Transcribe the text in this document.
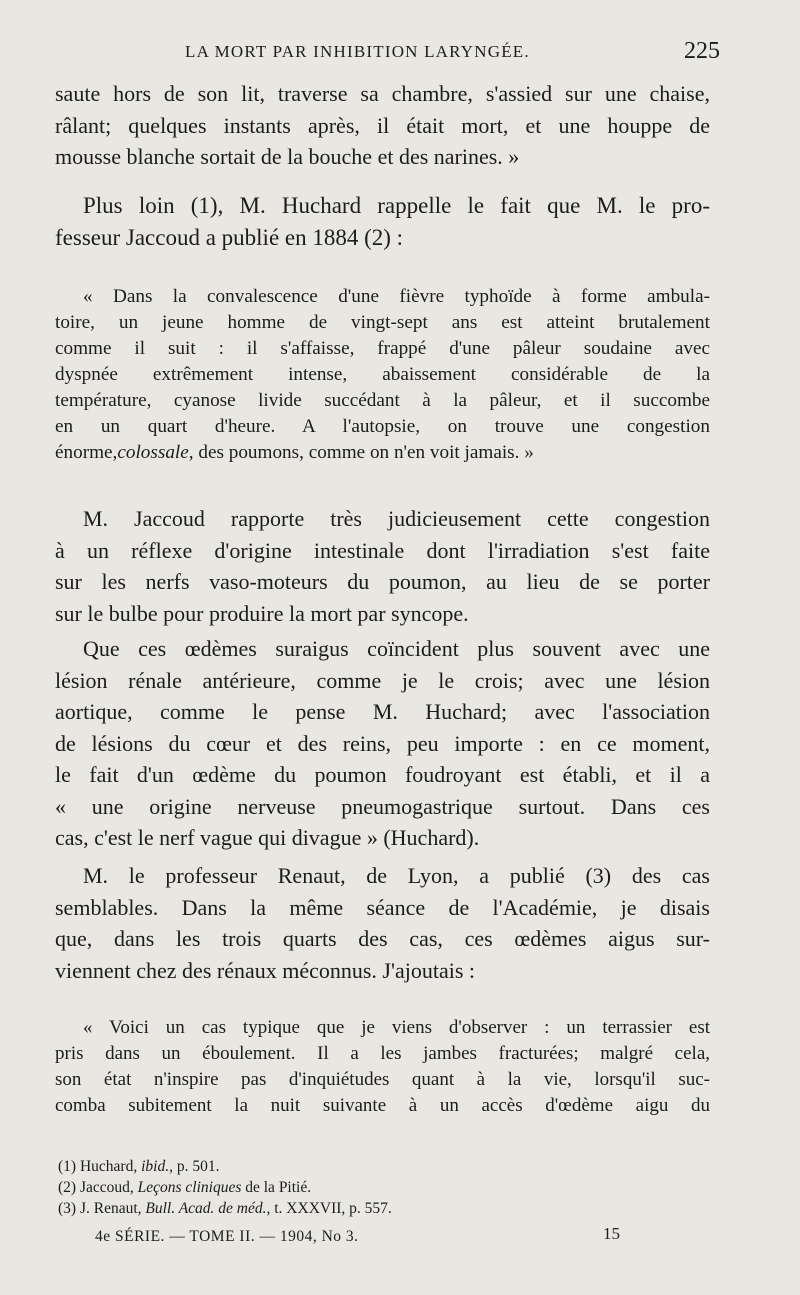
LA MORT PAR INHIBITION LARYNGÉE.	225

saute hors de son lit, traverse sa chambre, s'assied sur une chaise,

râlant; quelques instants après, il était mort, et une houppe de

mousse blanche sortait de la bouche et des narines. »

Plus loin (1), M. Huchard rappelle le fait que M. le pro-

fesseur Jaccoud a publié en 1884 (2) :

« Dans la convalescence d'une fièvre typhoïde à forme ambula-

toire, un jeune homme de vingt-sept ans est atteint brutalement

comme il suit : il s'affaisse, frappé d'une pâleur soudaine avec

dyspnée extrêmement intense, abaissement considérable de la

température, cyanose livide succédant à la pâleur, et il succombe

en un quart d'heure. A l'autopsie, on trouve une congestion

énorme,colossale, des poumons, comme on n'en voit jamais. »

M. Jaccoud rapporte très judicieusement cette congestion

à un réflexe d'origine intestinale dont l'irradiation s'est faite

sur les nerfs vaso-moteurs du poumon, au lieu de se porter

sur le bulbe pour produire la mort par syncope.

Que ces œdèmes suraigus coïncident plus souvent avec une

lésion rénale antérieure, comme je le crois; avec une lésion

aortique, comme le pense M. Huchard; avec l'association

de lésions du cœur et des reins, peu importe : en ce moment,

le fait d'un œdème du poumon foudroyant est établi, et il a

« une origine nerveuse pneumogastrique surtout. Dans ces

cas, c'est le nerf vague qui divague » (Huchard).

M. le professeur Renaut, de Lyon, a publié (3) des cas

semblables. Dans la même séance de l'Académie, je disais

que, dans les trois quarts des cas, ces œdèmes aigus sur-

viennent chez des rénaux méconnus. J'ajoutais :

« Voici un cas typique que je viens d'observer : un terrassier est

pris dans un éboulement. Il a les jambes fracturées; malgré cela,

son état n'inspire pas d'inquiétudes quant à la vie, lorsqu'il suc-

comba subitement la nuit suivante à un accès d'œdème aigu du

(1) Huchard, ibid., p. 501.

(2) Jaccoud, Leçons cliniques de la Pitié.

(3) J. Renaut, Bull. Acad. de méd., t. XXXVII, p. 557.

4e SÉRIE. — TOME II. — 1904, No 3.	15
